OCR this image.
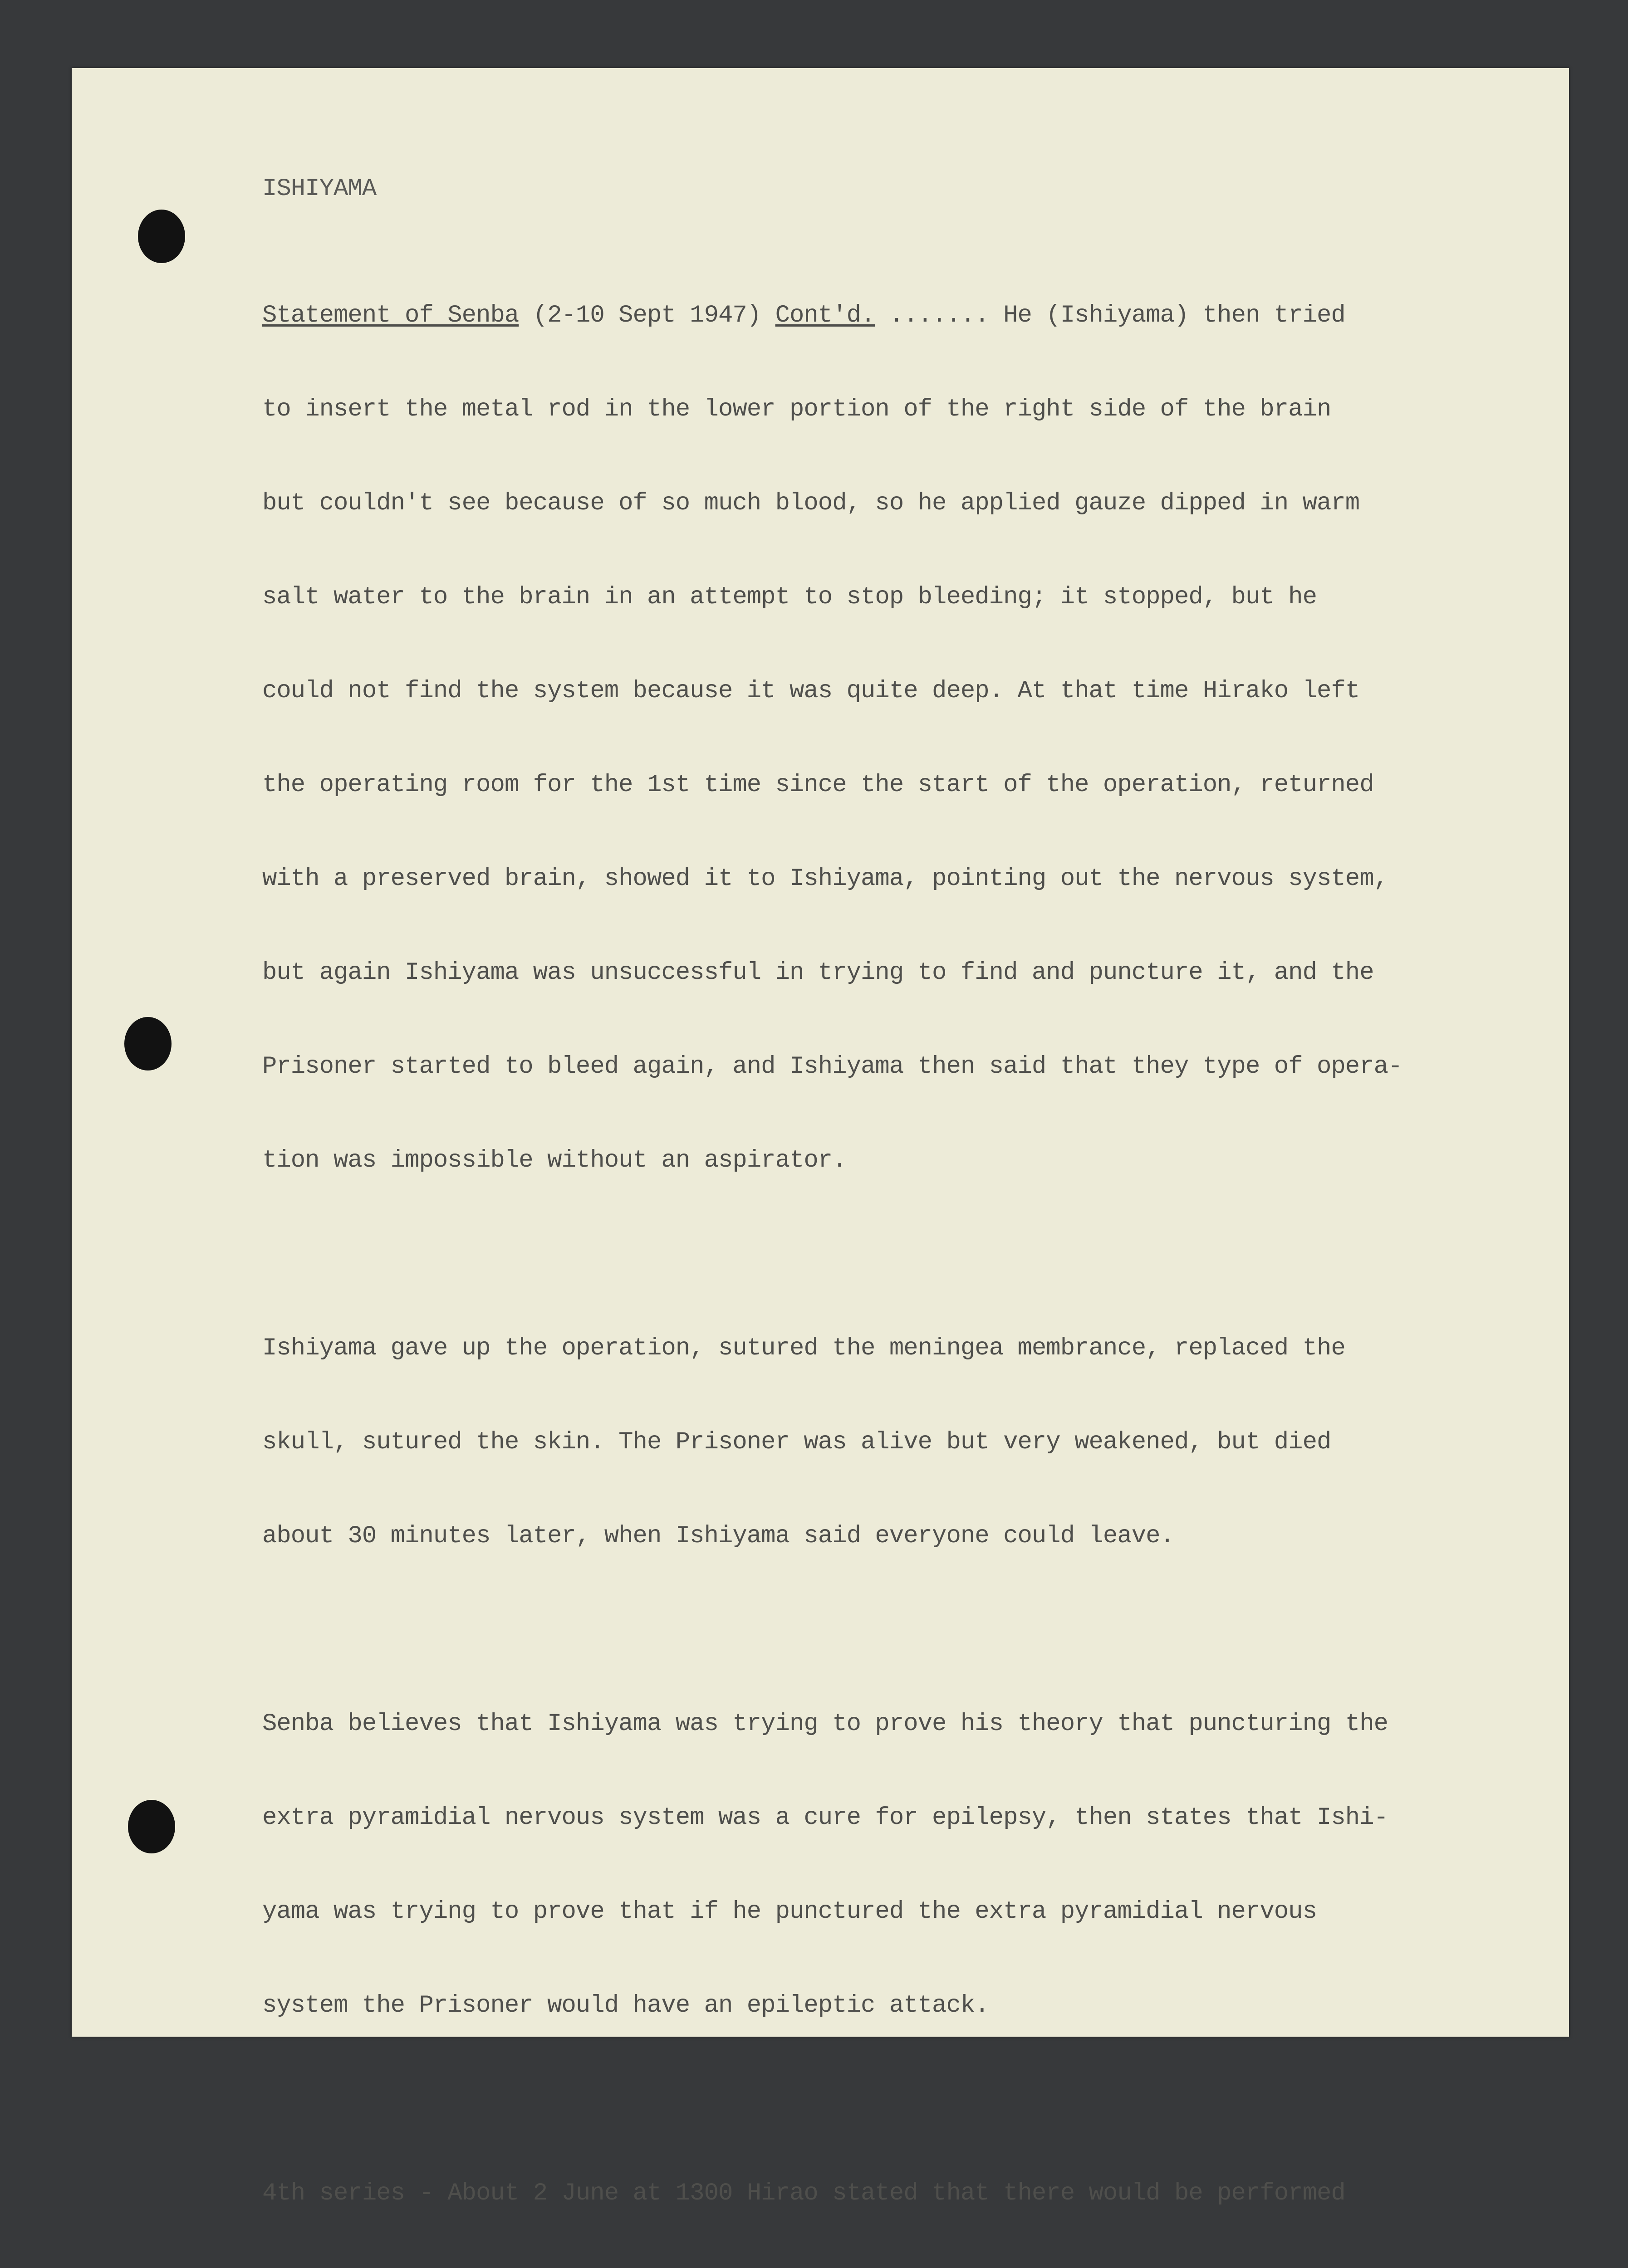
ISHIYAMA

Statement of Senba (2-10 Sept 1947) Cont'd. ....... He (Ishiyama) then tried

to insert the metal rod in the lower portion of the right side of the brain

but couldn't see because of so much blood, so he applied gauze dipped in warm

salt water to the brain in an attempt to stop bleeding; it stopped, but he

could not find the system because it was quite deep. At that time Hirako left

the operating room for the 1st time since the start of the operation, returned

with a preserved brain, showed it to Ishiyama, pointing out the nervous system,

but again Ishiyama was unsuccessful in trying to find and puncture it, and the

Prisoner started to bleed again, and Ishiyama then said that they type of opera-

tion was impossible without an aspirator.

Ishiyama gave up the operation, sutured the meningea membrance, replaced the

skull, sutured the skin. The Prisoner was alive but very weakened, but died

about 30 minutes later, when Ishiyama said everyone could leave.

Senba believes that Ishiyama was trying to prove his theory that puncturing the

extra pyramidial nervous system was a cure for epilepsy, then states that Ishi-

yama was trying to prove that if he punctured the extra pyramidial nervous

system the Prisoner would have an epileptic attack.

4th series - About 2 June at 1300 Hirao stated that there would be performed
